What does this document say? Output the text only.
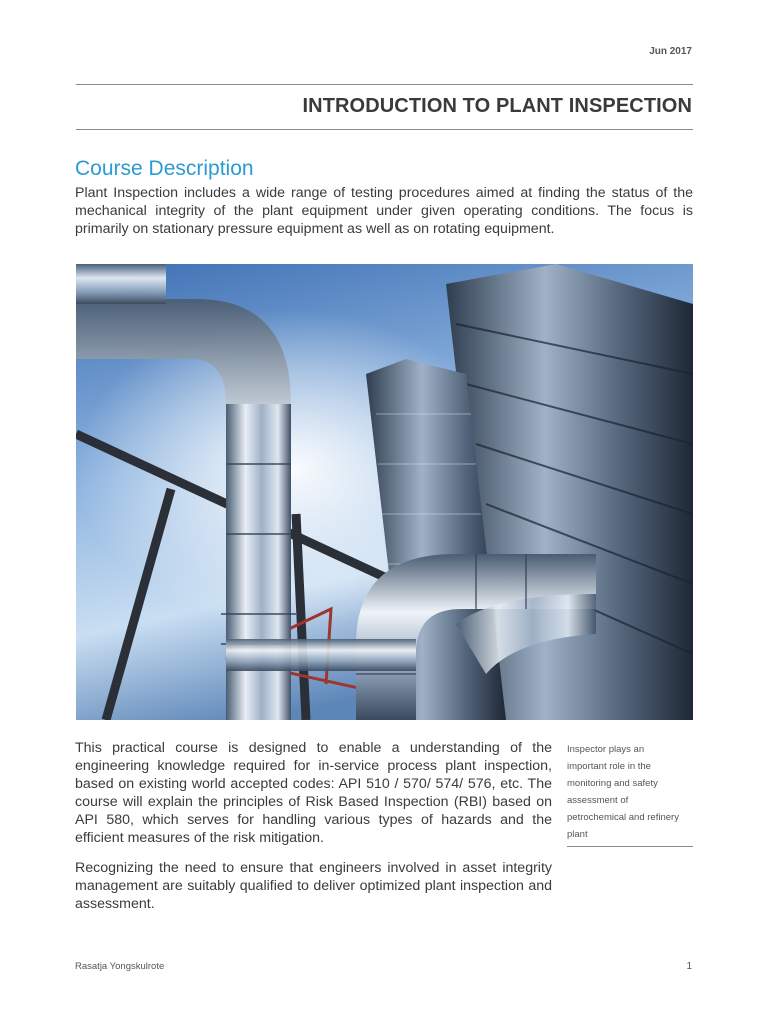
Jun 2017
INTRODUCTION TO PLANT INSPECTION
Course Description

Plant Inspection includes a wide range of testing procedures aimed at finding the status of the mechanical integrity of the plant equipment under given operating conditions. The focus is primarily on stationary pressure equipment as well as on rotating equipment.

This practical course is designed to enable a understanding of the engineering knowledge required for in-service process plant inspection, based on existing world accepted codes: API 510 / 570/ 574/ 576, etc. The course will explain the principles of Risk Based Inspection (RBI) based on API 580, which serves for handling various types of hazards and the efficient measures of the risk mitigation.

Recognizing the need to ensure that engineers involved in asset integrity management are suitably qualified to deliver optimized plant inspection and assessment.

Inspector plays an important role in the monitoring and safety assessment of petrochemical and refinery plant

Rasatja Yongskulrote	1
